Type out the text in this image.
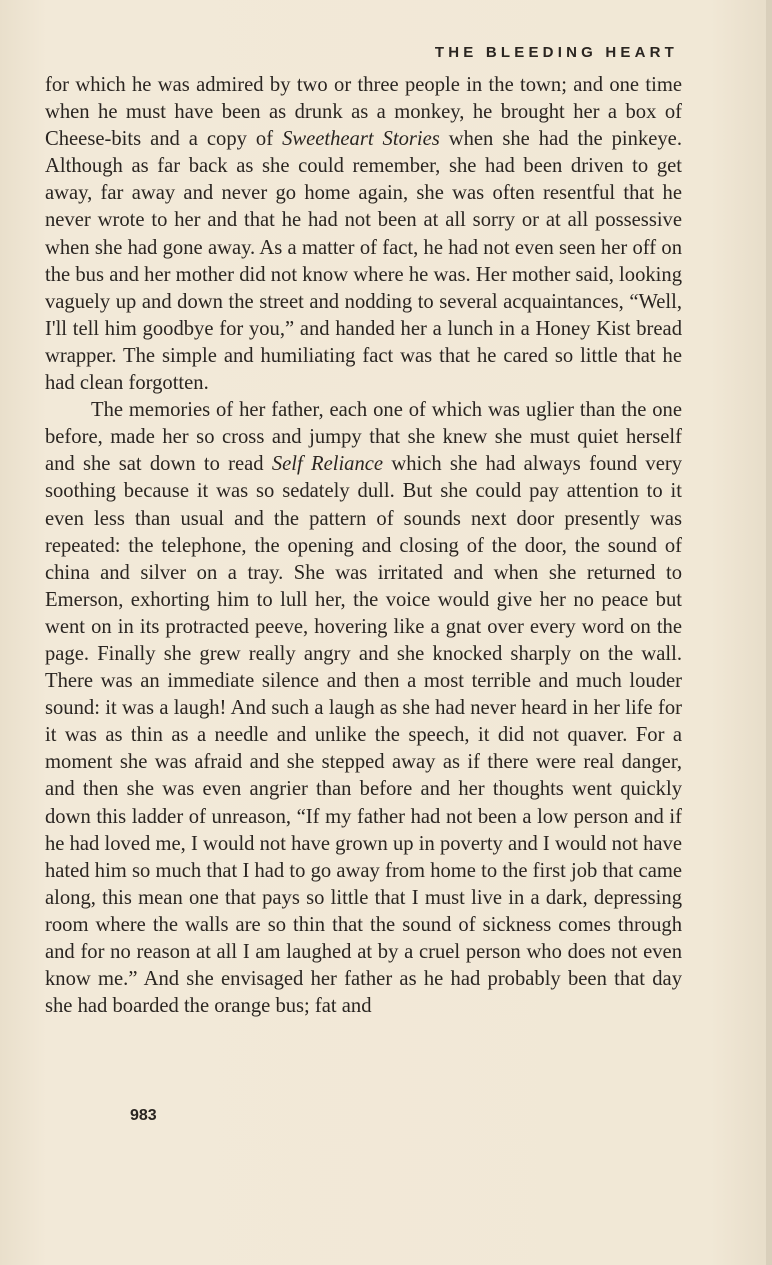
THE BLEEDING HEART

for which he was admired by two or three people in the town; and one time when he must have been as drunk as a monkey, he brought her a box of Cheese-bits and a copy of Sweetheart Stories when she had the pinkeye. Although as far back as she could remember, she had been driven to get away, far away and never go home again, she was often resentful that he never wrote to her and that he had not been at all sorry or at all possessive when she had gone away. As a matter of fact, he had not even seen her off on the bus and her mother did not know where he was. Her mother said, looking vaguely up and down the street and nodding to several acquaintances, “Well, I'll tell him goodbye for you,” and handed her a lunch in a Honey Kist bread wrapper. The simple and humiliating fact was that he cared so little that he had clean forgotten.

The memories of her father, each one of which was uglier than the one before, made her so cross and jumpy that she knew she must quiet herself and she sat down to read Self Reliance which she had always found very soothing because it was so sedately dull. But she could pay attention to it even less than usual and the pattern of sounds next door presently was repeated: the telephone, the opening and closing of the door, the sound of china and silver on a tray. She was irritated and when she returned to Emerson, exhorting him to lull her, the voice would give her no peace but went on in its protracted peeve, hovering like a gnat over every word on the page. Finally she grew really angry and she knocked sharply on the wall. There was an immediate silence and then a most terrible and much louder sound: it was a laugh! And such a laugh as she had never heard in her life for it was as thin as a needle and unlike the speech, it did not quaver. For a moment she was afraid and she stepped away as if there were real danger, and then she was even angrier than before and her thoughts went quickly down this ladder of unreason, “If my father had not been a low person and if he had loved me, I would not have grown up in poverty and I would not have hated him so much that I had to go away from home to the first job that came along, this mean one that pays so little that I must live in a dark, depressing room where the walls are so thin that the sound of sickness comes through and for no reason at all I am laughed at by a cruel person who does not even know me.” And she envisaged her father as he had probably been that day she had boarded the orange bus; fat and

983
